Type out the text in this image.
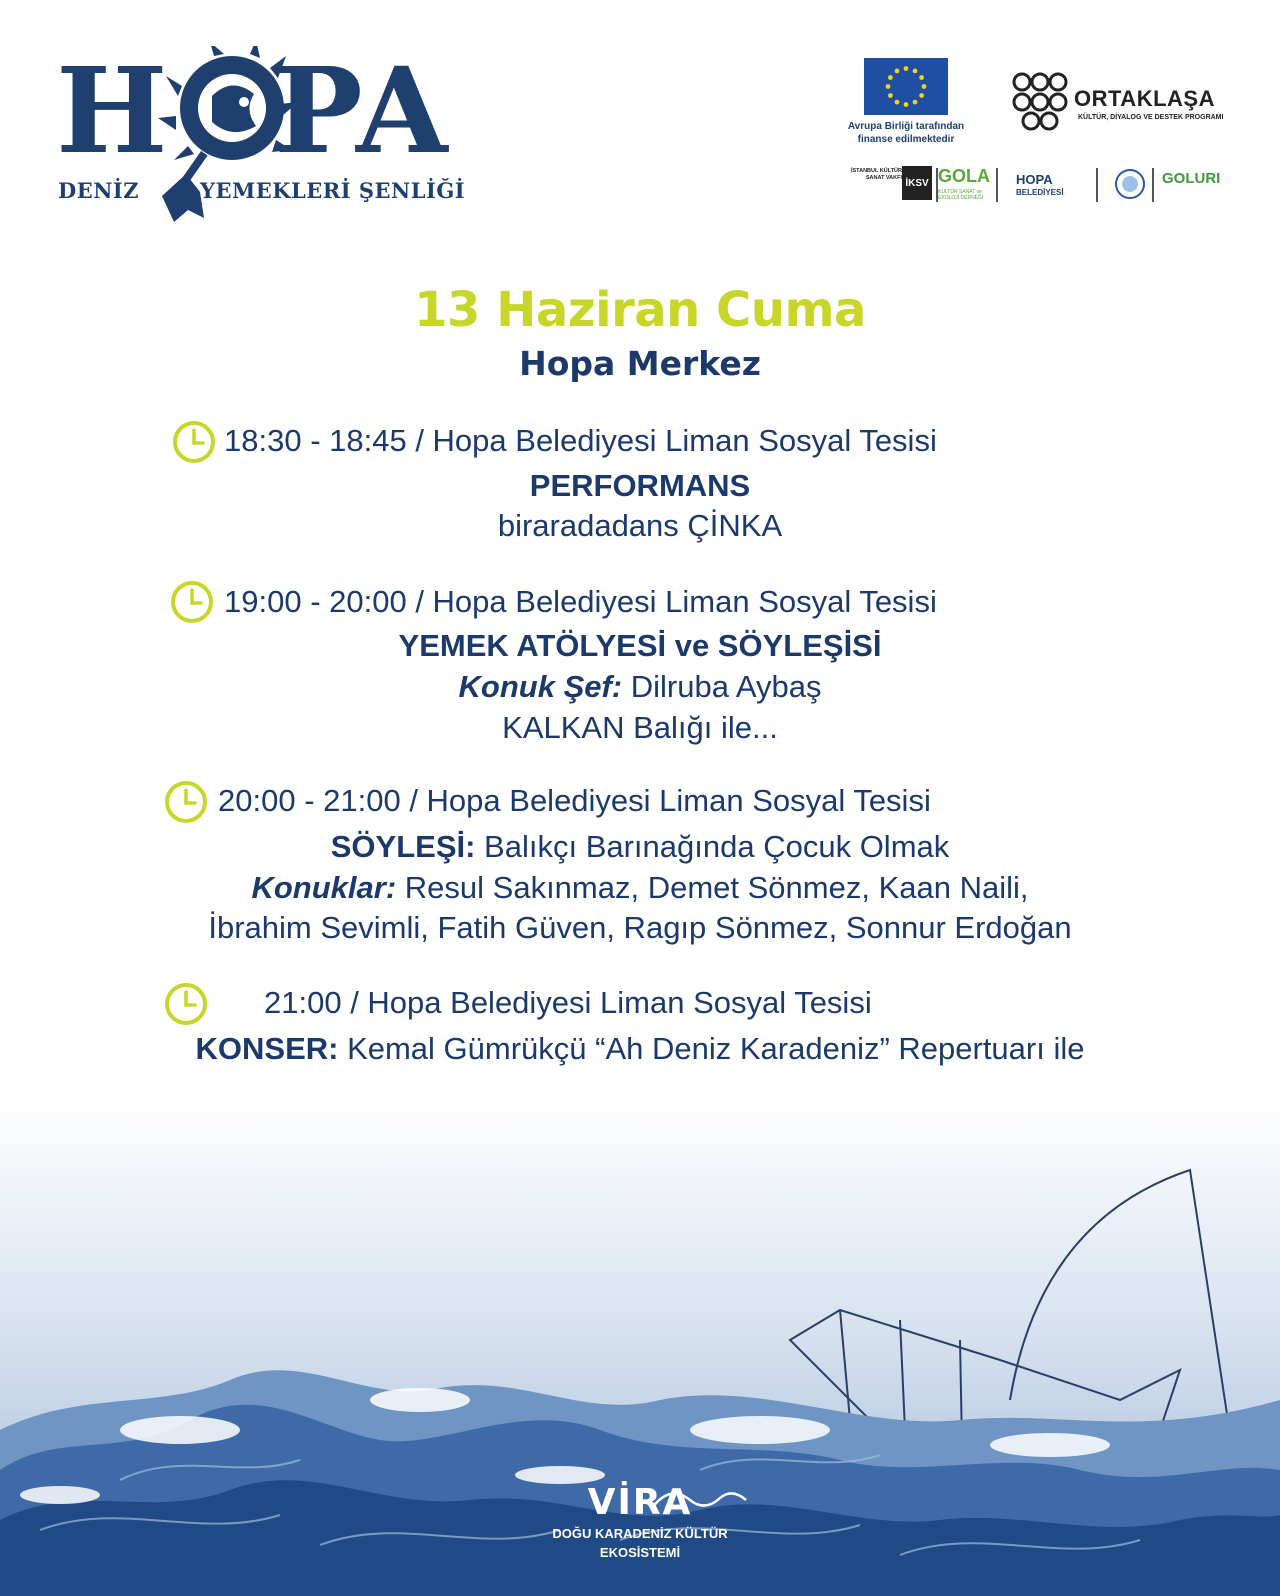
H P
A
DENİZ	YEMEKLERİ ŞENLİĞİ
Avrupa Birliği tarafından
finanse edilmektedir
ORTAKLAŞA
KÜLTÜR, DİYALOG VE DESTEK PROGRAMI
İSTANBUL KÜLTÜR SANAT VAKFI İKSV GOLA
KÜLTÜR SANAT ve EKOLOJİ DERNEĞİ
HOPA
BELEDİYESİ
GOLURI
13 Haziran Cuma
Hopa Merkez
18:30 - 18:45 / Hopa Belediyesi Liman Sosyal Tesisi
PERFORMANS
biraradadans ÇİNKA
19:00 - 20:00 / Hopa Belediyesi Liman Sosyal Tesisi
YEMEK ATÖLYESİ ve SÖYLEŞİSİ
Konuk Şef: Dilruba Aybaş
KALKAN Balığı ile...
20:00 - 21:00 / Hopa Belediyesi Liman Sosyal Tesisi
SÖYLEŞİ: Balıkçı Barınağında Çocuk Olmak
Konuklar: Resul Sakınmaz, Demet Sönmez, Kaan Naili,
İbrahim Sevimli, Fatih Güven, Ragıp Sönmez, Sonnur Erdoğan
21:00 / Hopa Belediyesi Liman Sosyal Tesisi
KONSER: Kemal Gümrükçü “Ah Deniz Karadeniz” Repertuarı ile
VİRA
DOĞU KARADENİZ KÜLTÜR
EKOSİSTEMİ
